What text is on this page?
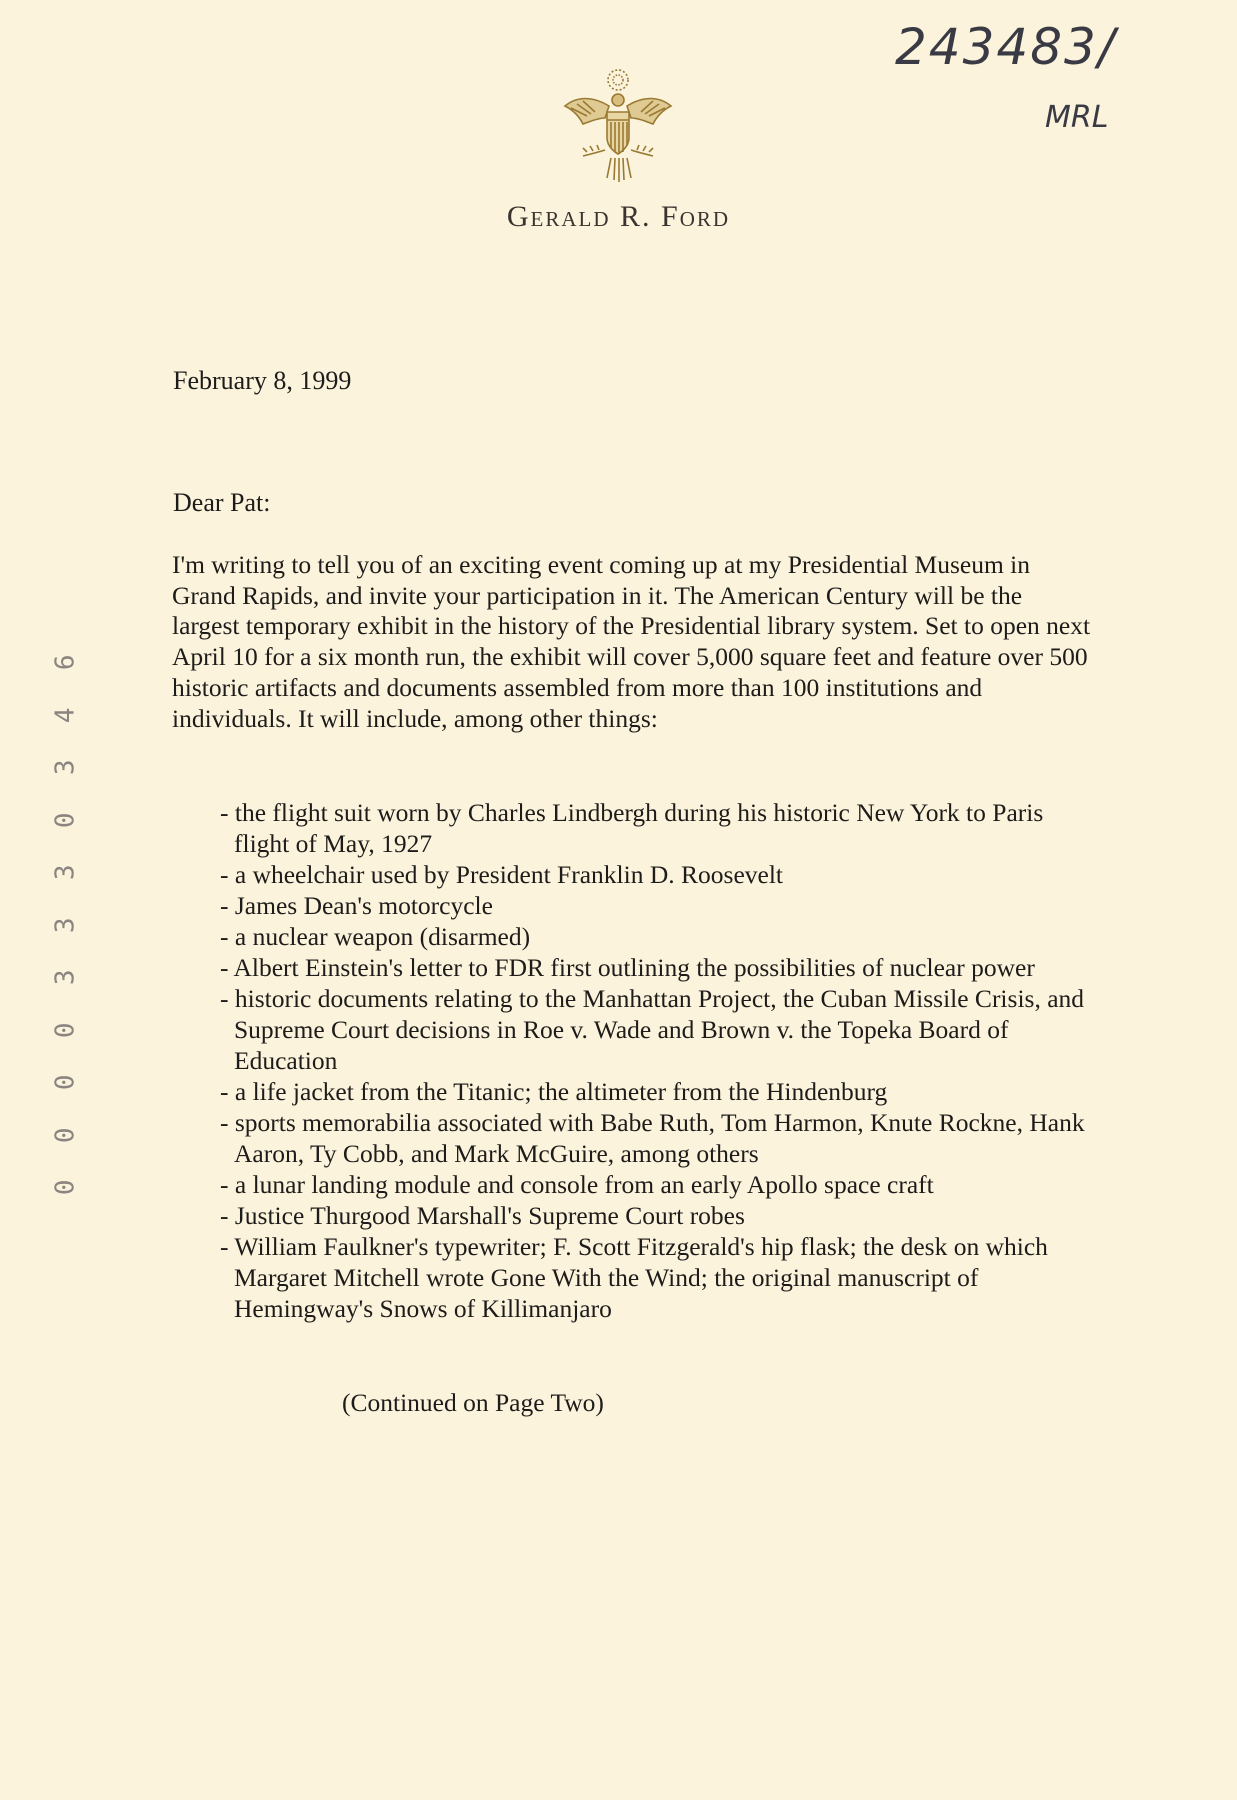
243483/
MRL
Gerald R. Ford
February 8, 1999
Dear Pat:

I'm writing to tell you of an exciting event coming up at my Presidential Museum in Grand Rapids, and invite your participation in it. The American Century will be the largest temporary exhibit in the history of the Presidential library system. Set to open next April 10 for a six month run, the exhibit will cover 5,000 square feet and feature over 500 historic artifacts and documents assembled from more than 100 institutions and individuals. It will include, among other things:

- the flight suit worn by Charles Lindbergh during his historic New York to Paris flight of May, 1927
- a wheelchair used by President Franklin D. Roosevelt
- James Dean's motorcycle
- a nuclear weapon (disarmed)
- Albert Einstein's letter to FDR first outlining the possibilities of nuclear power
- historic documents relating to the Manhattan Project, the Cuban Missile Crisis, and Supreme Court decisions in Roe v. Wade and Brown v. the Topeka Board of Education
- a life jacket from the Titanic; the altimeter from the Hindenburg
- sports memorabilia associated with Babe Ruth, Tom Harmon, Knute Rockne, Hank Aaron, Ty Cobb, and Mark McGuire, among others
- a lunar landing module and console from an early Apollo space craft
- Justice Thurgood Marshall's Supreme Court robes
- William Faulkner's typewriter; F. Scott Fitzgerald's hip flask; the desk on which Margaret Mitchell wrote Gone With the Wind; the original manuscript of Hemingway's Snows of Killimanjaro
(Continued on Page Two)
6
4
3
0
3
3
3
0
0
0
0
